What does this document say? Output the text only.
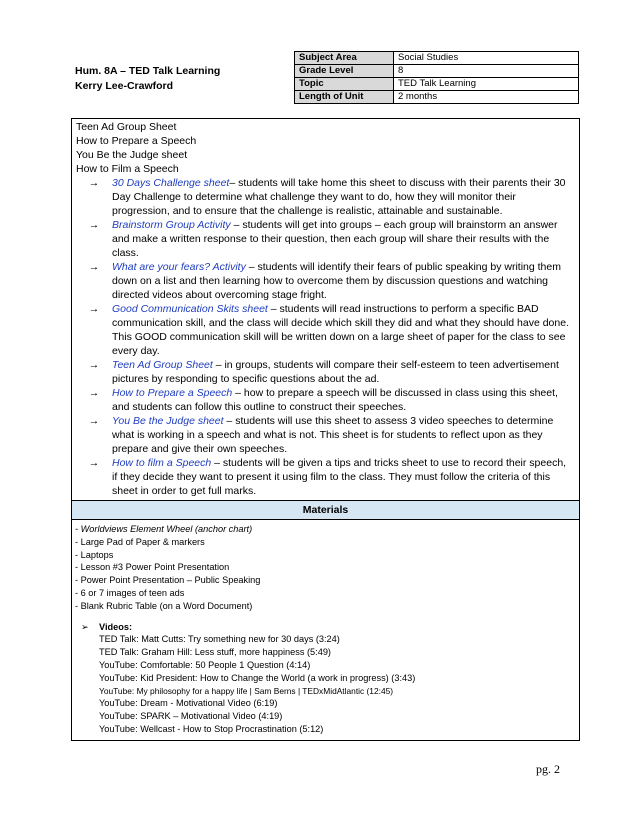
Hum. 8A – TED Talk Learning
Kerry Lee-Crawford
Subject Area	Social Studies
Grade Level	8
Topic	TED Talk Learning
Length of Unit	2 months
Teen Ad Group Sheet
How to Prepare a Speech
You Be the Judge sheet
How to Film a Speech
→	30 Days Challenge sheet– students will take home this sheet to discuss with their parents their 30 Day Challenge to determine what challenge they want to do, how they will monitor their progression, and to ensure that the challenge is realistic, attainable and sustainable.
→	Brainstorm Group Activity – students will get into groups – each group will brainstorm an answer and make a written response to their question, then each group will share their results with the class.
→	What are your fears? Activity – students will identify their fears of public speaking by writing them down on a list and then learning how to overcome them by discussion questions and watching directed videos about overcoming stage fright.
→	Good Communication Skits sheet – students will read instructions to perform a specific BAD communication skill, and the class will decide which skill they did and what they should have done. This GOOD communication skill will be written down on a large sheet of paper for the class to see every day.
→	Teen Ad Group Sheet – in groups, students will compare their self-esteem to teen advertisement pictures by responding to specific questions about the ad.
→	How to Prepare a Speech – how to prepare a speech will be discussed in class using this sheet, and students can follow this outline to construct their speeches.
→	You Be the Judge sheet – students will use this sheet to assess 3 video speeches to determine what is working in a speech and what is not. This sheet is for students to reflect upon as they prepare and give their own speeches.
→	How to film a Speech – students will be given a tips and tricks sheet to use to record their speech, if they decide they want to present it using film to the class. They must follow the criteria of this sheet in order to get full marks.
Materials
- Worldviews Element Wheel (anchor chart)
- Large Pad of Paper & markers
- Laptops
- Lesson #3 Power Point Presentation
- Power Point Presentation – Public Speaking
- 6 or 7 images of teen ads
- Blank Rubric Table (on a Word Document)
➢	Videos:
TED Talk: Matt Cutts: Try something new for 30 days (3:24)
TED Talk: Graham Hill: Less stuff, more happiness (5:49)
YouTube: Comfortable: 50 People 1 Question (4:14)
YouTube: Kid President: How to Change the World (a work in progress) (3:43)
YouTube: My philosophy for a happy life | Sam Berns | TEDxMidAtlantic (12:45)
YouTube: Dream - Motivational Video (6:19)
YouTube: SPARK – Motivational Video (4:19)
YouTube: Wellcast - How to Stop Procrastination (5:12)
pg. 2
